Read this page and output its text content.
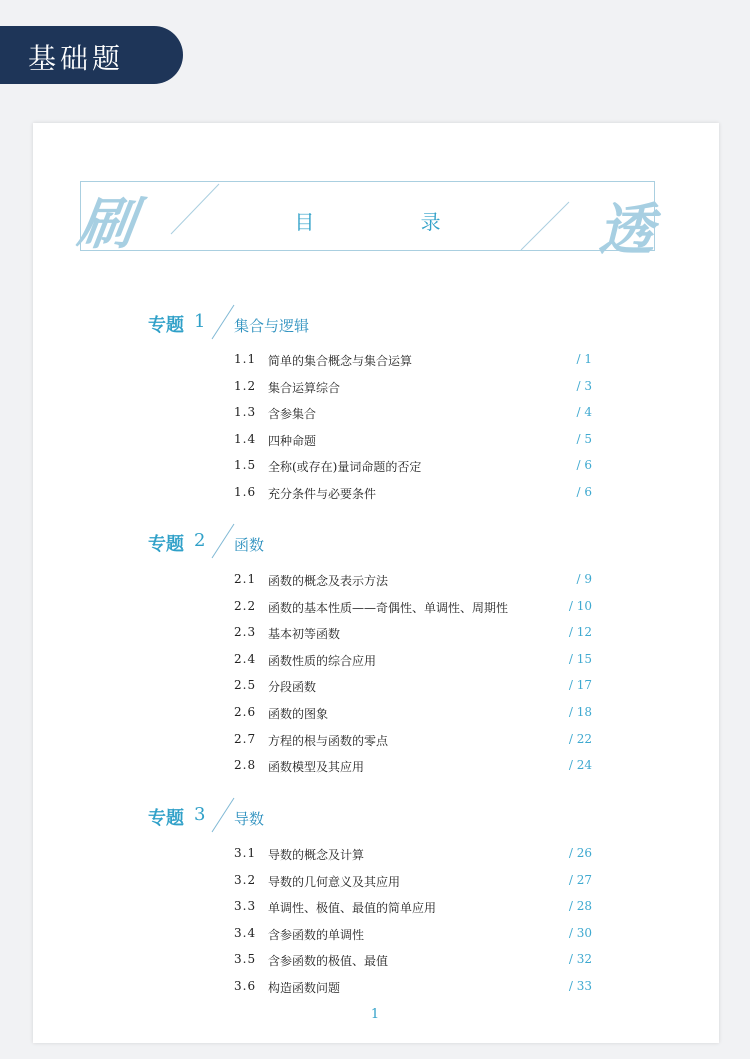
基础题
刷	目 录	透
专题 1 集合与逻辑
1.1 简单的集合概念与集合运算	/ 1
1.2 集合运算综合	/ 3
1.3 含参集合	/ 4
1.4 四种命题	/ 5
1.5 全称(或存在)量词命题的否定	/ 6
1.6 充分条件与必要条件	/ 6
专题 2 函数
2.1 函数的概念及表示方法	/ 9
2.2 函数的基本性质——奇偶性、单调性、周期性	/ 10
2.3 基本初等函数	/ 12
2.4 函数性质的综合应用	/ 15
2.5 分段函数	/ 17
2.6 函数的图象	/ 18
2.7 方程的根与函数的零点	/ 22
2.8 函数模型及其应用	/ 24
专题 3 导数
3.1 导数的概念及计算	/ 26
3.2 导数的几何意义及其应用	/ 27
3.3 单调性、极值、最值的简单应用	/ 28
3.4 含参函数的单调性	/ 30
3.5 含参函数的极值、最值	/ 32
3.6 构造函数问题	/ 33
1
